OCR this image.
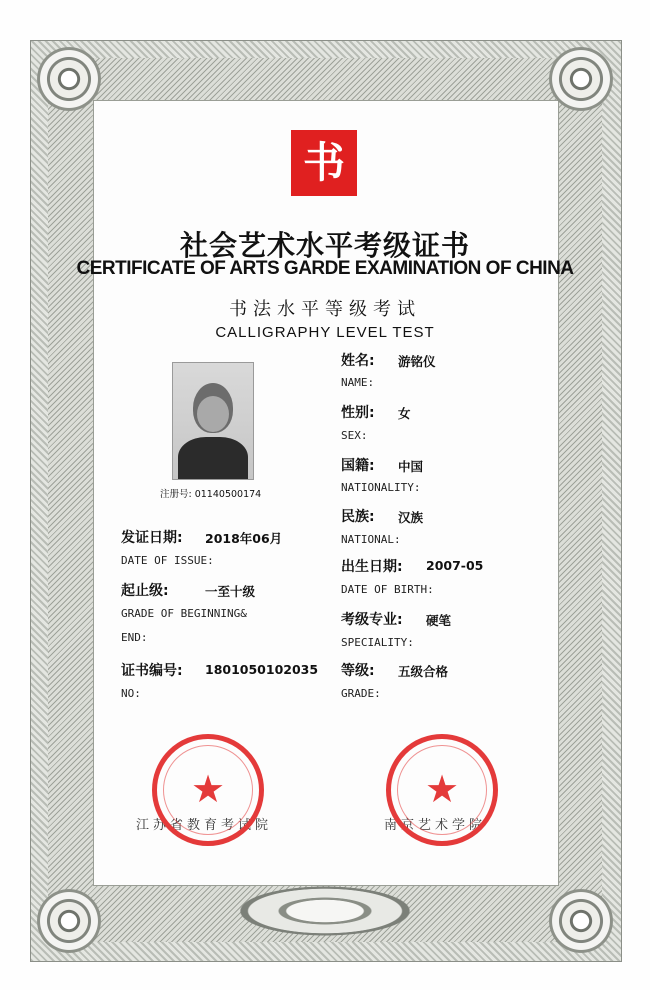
书
社会艺术水平考级证书
CERTIFICATE OF ARTS GARDE EXAMINATION OF CHINA
书法水平等级考试
CALLIGRAPHY LEVEL TEST
注册号: 01140500174
姓名: 游铭仪
NAME:
性别: 女
SEX:
国籍: 中国
NATIONALITY:
民族: 汉族
NATIONAL:
发证日期: 2018年06月
DATE OF ISSUE:
起止级:	一至十级
GRADE OF BEGINNING&
END:
证书编号: 1801050102035
NO:
出生日期: 2007-05
DATE OF BIRTH:
考级专业: 硬笔
SPECIALITY:
等级: 五级合格
GRADE:
江苏省教育考试院	南京艺术学院
★	★
